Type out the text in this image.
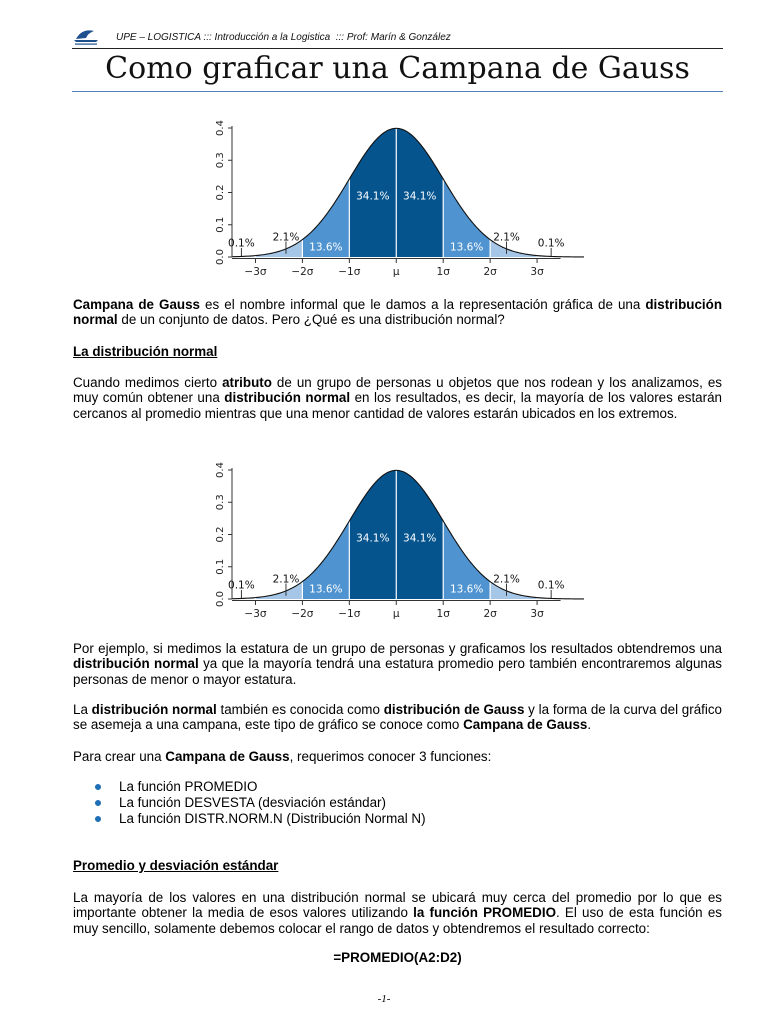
UPE – LOGISTICA ::: Introducción a la Logistica  ::: Prof: Marín & González
Como graficar una Campana de Gauss
0.0
0.1
0.2
0.3
0.4
−3σ −2σ −1σ	μ	1σ	2σ	3σ
0.1% 2.1%
13.6%
34.1% 34.1%
13.6%
2.1% 0.1%
Campana de Gauss es el nombre informal que le damos a la representación gráfica de una distribución normal de un conjunto de datos. Pero ¿Qué es una distribución normal?
La distribución normal
Cuando medimos cierto atributo de un grupo de personas u objetos que nos rodean y los analizamos, es muy común obtener una distribución normal en los resultados, es decir, la mayoría de los valores estarán cercanos al promedio mientras que una menor cantidad de valores estarán ubicados en los extremos.
0.0
0.1
0.2
0.3
0.4
−3σ −2σ −1σ	μ	1σ	2σ	3σ
0.1% 2.1%
13.6%
34.1% 34.1%
13.6%
2.1% 0.1%
Por ejemplo, si medimos la estatura de un grupo de personas y graficamos los resultados obtendremos una distribución normal ya que la mayoría tendrá una estatura promedio pero también encontraremos algunas personas de menor o mayor estatura.
La distribución normal también es conocida como distribución de Gauss y la forma de la curva del gráfico se asemeja a una campana, este tipo de gráfico se conoce como Campana de Gauss.
Para crear una Campana de Gauss, requerimos conocer 3 funciones:
La función PROMEDIO
La función DESVESTA (desviación estándar)
La función DISTR.NORM.N (Distribución Normal N)
Promedio y desviación estándar
La mayoría de los valores en una distribución normal se ubicará muy cerca del promedio por lo que es importante obtener la media de esos valores utilizando la función PROMEDIO. El uso de esta función es muy sencillo, solamente debemos colocar el rango de datos y obtendremos el resultado correcto:
=PROMEDIO(A2:D2)
-1-
